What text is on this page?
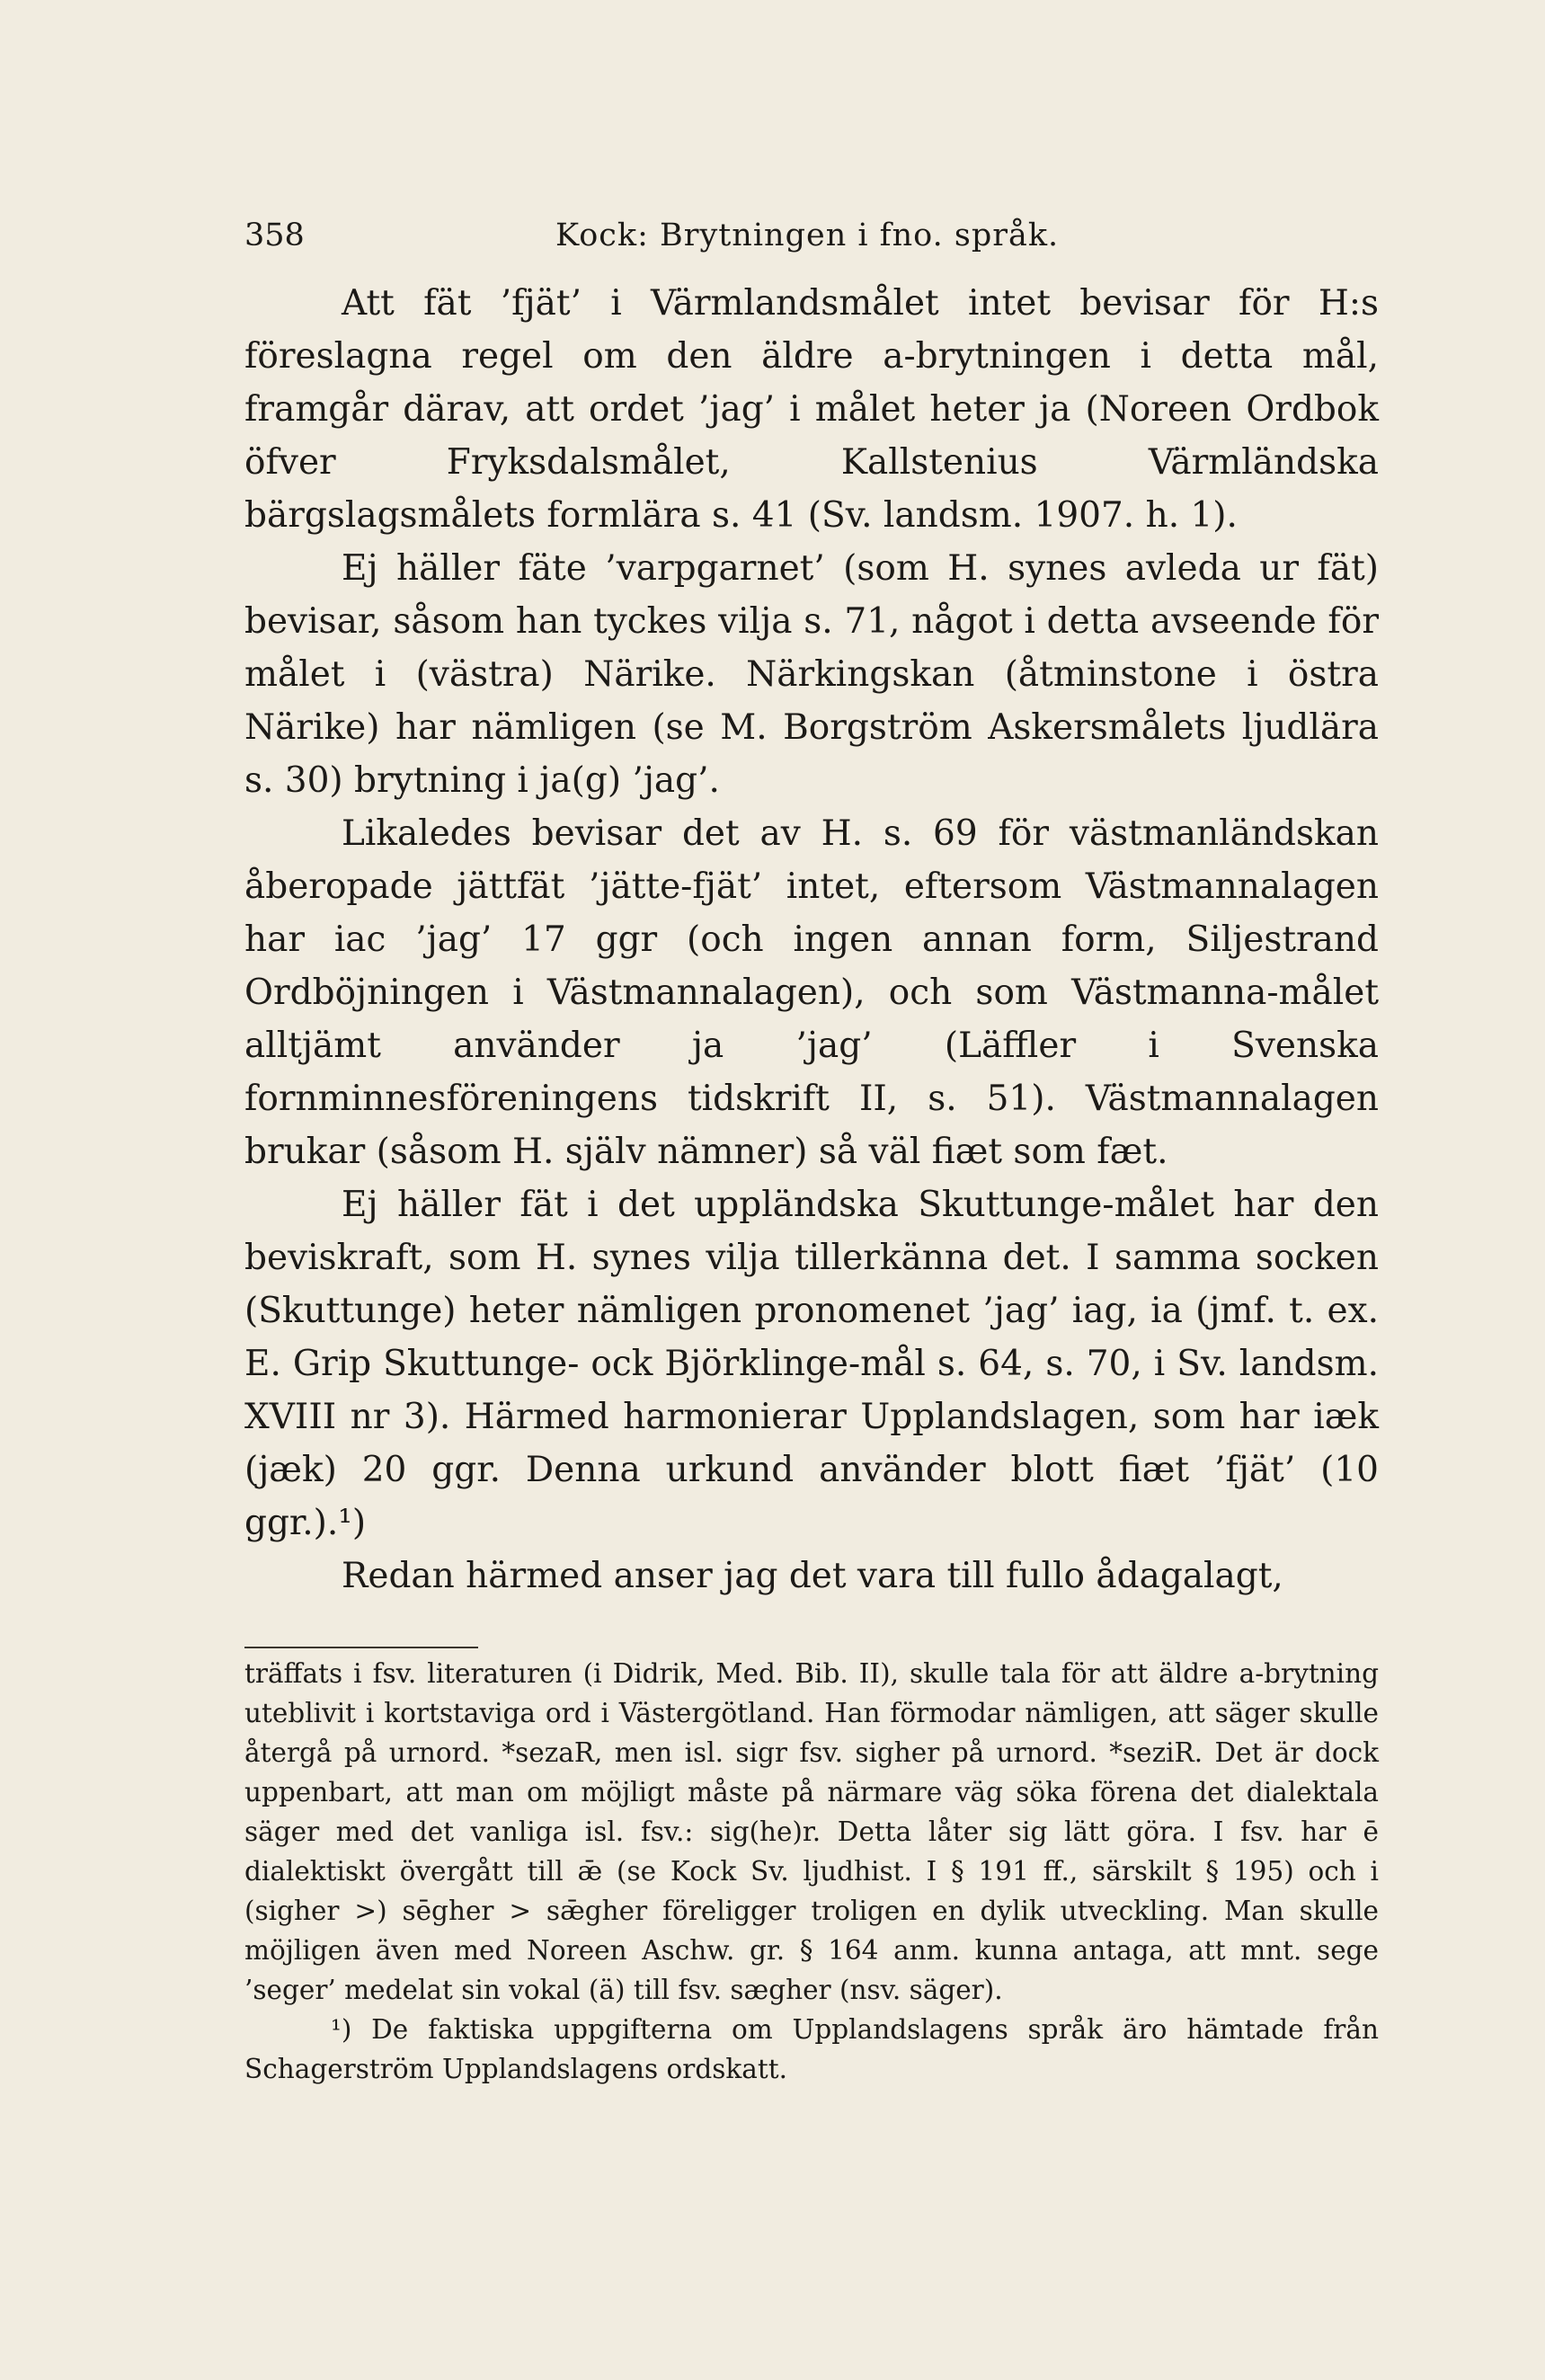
358	Kock: Brytningen i fno. språk.

Att fät ’fjät’ i Värmlandsmålet intet bevisar för H:s föreslagna regel om den äldre a-brytningen i detta mål, framgår därav, att ordet ’jag’ i målet heter ja (Noreen Ordbok öfver Fryksdalsmålet, Kallstenius Värmländska bärgslagsmålets formlära s. 41 (Sv. landsm. 1907. h. 1).

Ej häller fäte ’varpgarnet’ (som H. synes avleda ur fät) bevisar, såsom han tyckes vilja s. 71, något i detta avseende för målet i (västra) Närike. Närkingskan (åtminstone i östra Närike) har nämligen (se M. Borgström Askersmålets ljudlära s. 30) brytning i ja(g) ’jag’.

Likaledes bevisar det av H. s. 69 för västmanländskan åberopade jättfät ’jätte-fjät’ intet, eftersom Västmannalagen har iac ’jag’ 17 ggr (och ingen annan form, Siljestrand Ordböjningen i Västmannalagen), och som Västmanna-målet alltjämt använder ja ’jag’ (Läffler i Svenska fornminnesföreningens tidskrift II, s. 51). Västmannalagen brukar (såsom H. själv nämner) så väl fiæt som fæt.

Ej häller fät i det uppländska Skuttunge-målet har den beviskraft, som H. synes vilja tillerkänna det. I samma socken (Skuttunge) heter nämligen pronomenet ’jag’ iag, ia (jmf. t. ex. E. Grip Skuttunge- ock Björklinge-mål s. 64, s. 70, i Sv. landsm. XVIII nr 3). Härmed harmonierar Upplandslagen, som har iæk (jæk) 20 ggr. Denna urkund använder blott fiæt ’fjät’ (10 ggr.).¹)

Redan härmed anser jag det vara till fullo ådagalagt,

träffats i fsv. literaturen (i Didrik, Med. Bib. II), skulle tala för att äldre a-brytning uteblivit i kortstaviga ord i Västergötland. Han förmodar nämligen, att säger skulle återgå på urnord. *sezaR, men isl. sigr fsv. sigher på urnord. *seziR. Det är dock uppenbart, att man om möjligt måste på närmare väg söka förena det dialektala säger med det vanliga isl. fsv.: sig(he)r. Detta låter sig lätt göra. I fsv. har ē dialektiskt övergått till ǣ (se Kock Sv. ljudhist. I § 191 ff., särskilt § 195) och i (sigher >) sēgher > sǣgher föreligger troligen en dylik utveckling. Man skulle möjligen även med Noreen Aschw. gr. § 164 anm. kunna antaga, att mnt. sege ’seger’ medelat sin vokal (ä) till fsv. sægher (nsv. säger).

¹) De faktiska uppgifterna om Upplandslagens språk äro hämtade från Schagerström Upplandslagens ordskatt.
